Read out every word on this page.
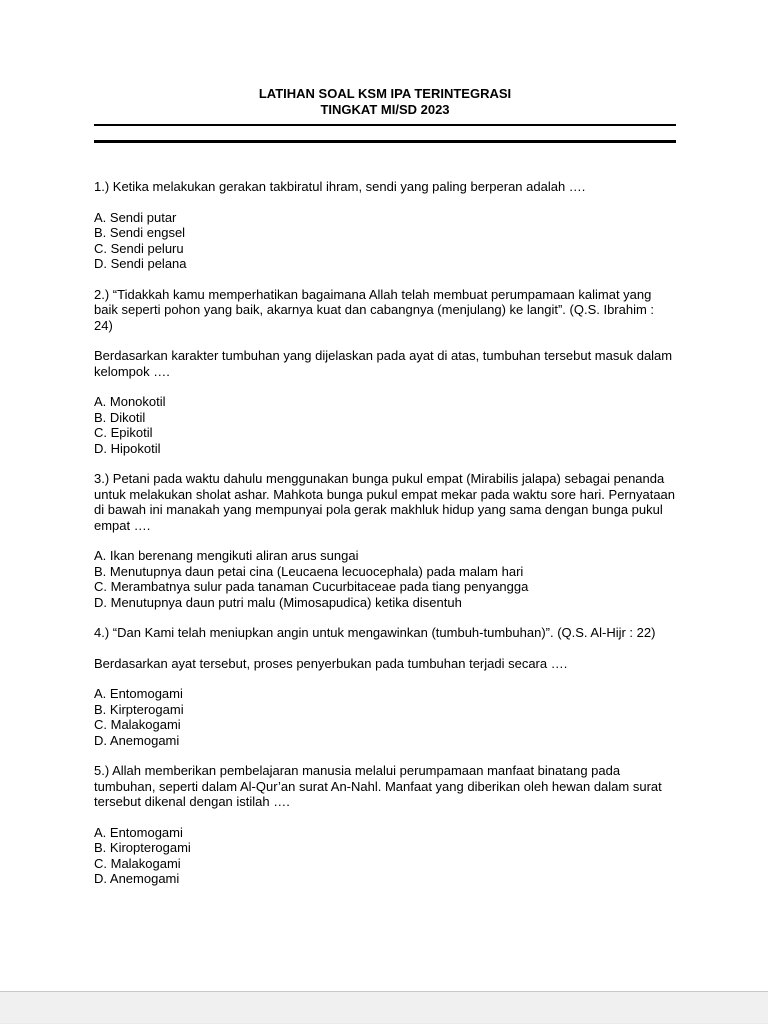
LATIHAN SOAL KSM IPA TERINTEGRASI
TINGKAT MI/SD 2023

1.) Ketika melakukan gerakan takbiratul ihram, sendi yang paling berperan adalah ….

A. Sendi putar
B. Sendi engsel
C. Sendi peluru
D. Sendi pelana

2.) “Tidakkah kamu memperhatikan bagaimana Allah telah membuat perumpamaan kalimat yang baik seperti pohon yang baik, akarnya kuat dan cabangnya (menjulang) ke langit”. (Q.S. Ibrahim : 24)

Berdasarkan karakter tumbuhan yang dijelaskan pada ayat di atas, tumbuhan tersebut masuk dalam kelompok ….

A. Monokotil
B. Dikotil
C. Epikotil
D. Hipokotil

3.) Petani pada waktu dahulu menggunakan bunga pukul empat (Mirabilis jalapa) sebagai penanda untuk melakukan sholat ashar. Mahkota bunga pukul empat mekar pada waktu sore hari. Pernyataan di bawah ini manakah yang mempunyai pola gerak makhluk hidup yang sama dengan bunga pukul empat ….

A. Ikan berenang mengikuti aliran arus sungai
B. Menutupnya daun petai cina (Leucaena lecuocephala) pada malam hari
C. Merambatnya sulur pada tanaman Cucurbitaceae pada tiang penyangga
D. Menutupnya daun putri malu (Mimosapudica) ketika disentuh

4.) “Dan Kami telah meniupkan angin untuk mengawinkan (tumbuh-tumbuhan)”. (Q.S. Al-Hijr : 22)

Berdasarkan ayat tersebut, proses penyerbukan pada tumbuhan terjadi secara ….

A. Entomogami
B. Kirpterogami
C. Malakogami
D. Anemogami

5.) Allah memberikan pembelajaran manusia melalui perumpamaan manfaat binatang pada tumbuhan, seperti dalam Al-Qur’an surat An-Nahl. Manfaat yang diberikan oleh hewan dalam surat tersebut dikenal dengan istilah ….

A. Entomogami
B. Kiropterogami
C. Malakogami
D. Anemogami
